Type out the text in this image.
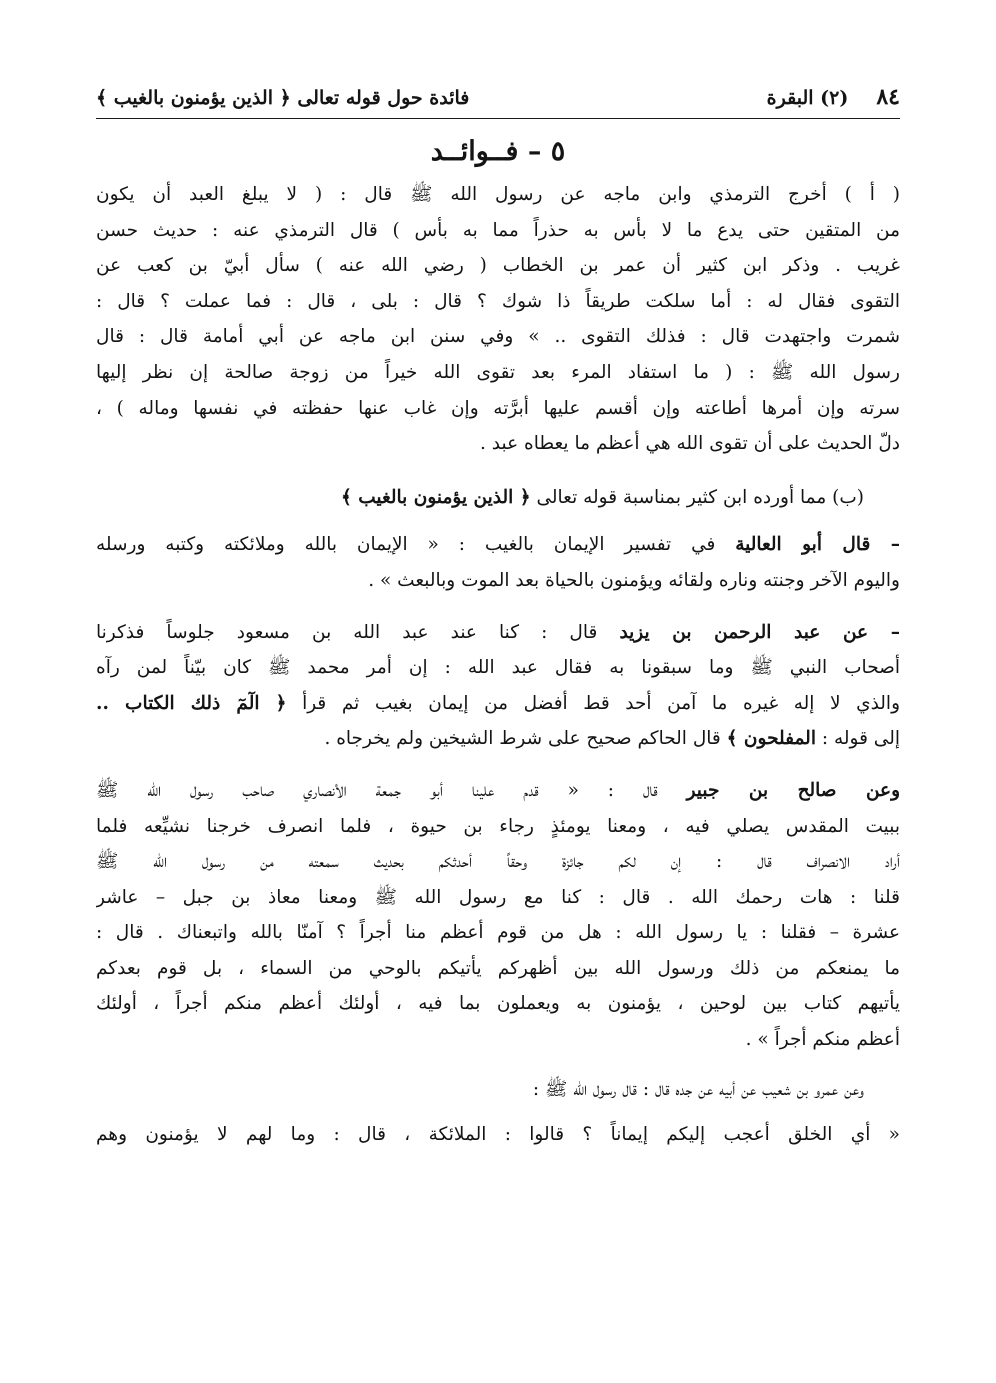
٨٤
(٢) البقرة
فائدة حول قوله تعالى ﴿ الذين يؤمنون بالغيب ﴾
٥ – فــوائــد

( أ ) أخرج الترمذي وابن ماجه عن رسول الله ﷺ قال : ( لا يبلغ العبد أن يكون
من المتقين حتى يدع ما لا بأس به حذراً مما به بأس ) قال الترمذي عنه : حديث حسن
غريب . وذكر ابن كثير أن عمر بن الخطاب ( رضي الله عنه ) سأل أبيّ بن كعب عن
التقوى فقال له : أما سلكت طريقاً ذا شوك ؟ قال : بلى ، قال : فما عملت ؟ قال :
شمرت واجتهدت قال : فذلك التقوى .. » وفي سنن ابن ماجه عن أبي أمامة قال : قال
رسول الله ﷺ : ( ما استفاد المرء بعد تقوى الله خيراً من زوجة صالحة إن نظر إليها
سرته وإن أمرها أطاعته وإن أقسم عليها أبرَّته وإن غاب عنها حفظته في نفسها وماله ) ،
دلّ الحديث على أن تقوى الله هي أعظم ما يعطاه عبد .

(ب) مما أورده ابن كثير بمناسبة قوله تعالى ﴿ الذين يؤمنون بالغيب ﴾

– قال أبو العالية في تفسير الإيمان بالغيب : « الإيمان بالله وملائكته وكتبه ورسله
واليوم الآخر وجنته وناره ولقائه ويؤمنون بالحياة بعد الموت وبالبعث » .

– عن عبد الرحمن بن يزيد قال : كنا عند عبد الله بن مسعود جلوساً فذكرنا
أصحاب النبي ﷺ وما سبقونا به فقال عبد الله : إن أمر محمد ﷺ كان بيّناً لمن رآه
والذي لا إله غيره ما آمن أحد قط أفضل من إيمان بغيب ثم قرأ ﴿ الٓمٓ ذلك الكتاب ..
إلى قوله : المفلحون ﴾ قال الحاكم صحيح على شرط الشيخين ولم يخرجاه .

وعن صالح بن جبير قال : « قدم علينا أبو جمعة الأنصاري صاحب رسول الله ﷺ
ببيت المقدس يصلي فيه ، ومعنا يومئذٍ رجاء بن حيوة ، فلما انصرف خرجنا نشيِّعه فلما
أراد الانصراف قال : إن لكم جائزة وحقاً أحدثكم بحديث سمعته من رسول الله ﷺ
قلنا : هات رحمك الله . قال : كنا مع رسول الله ﷺ ومعنا معاذ بن جبل – عاشر
عشرة – فقلنا : يا رسول الله : هل من قوم أعظم منا أجراً ؟ آمنّا بالله واتبعناك . قال :
ما يمنعكم من ذلك ورسول الله بين أظهركم يأتيكم بالوحي من السماء ، بل قوم بعدكم
يأتيهم كتاب بين لوحين ، يؤمنون به ويعملون بما فيه ، أولئك أعظم منكم أجراً ، أولئك
أعظم منكم أجراً » .

وعن عمرو بن شعيب عن أبيه عن جده قال : قال رسول الله ﷺ :

« أي الخلق أعجب إليكم إيماناً ؟ قالوا : الملائكة ، قال : وما لهم لا يؤمنون وهم
